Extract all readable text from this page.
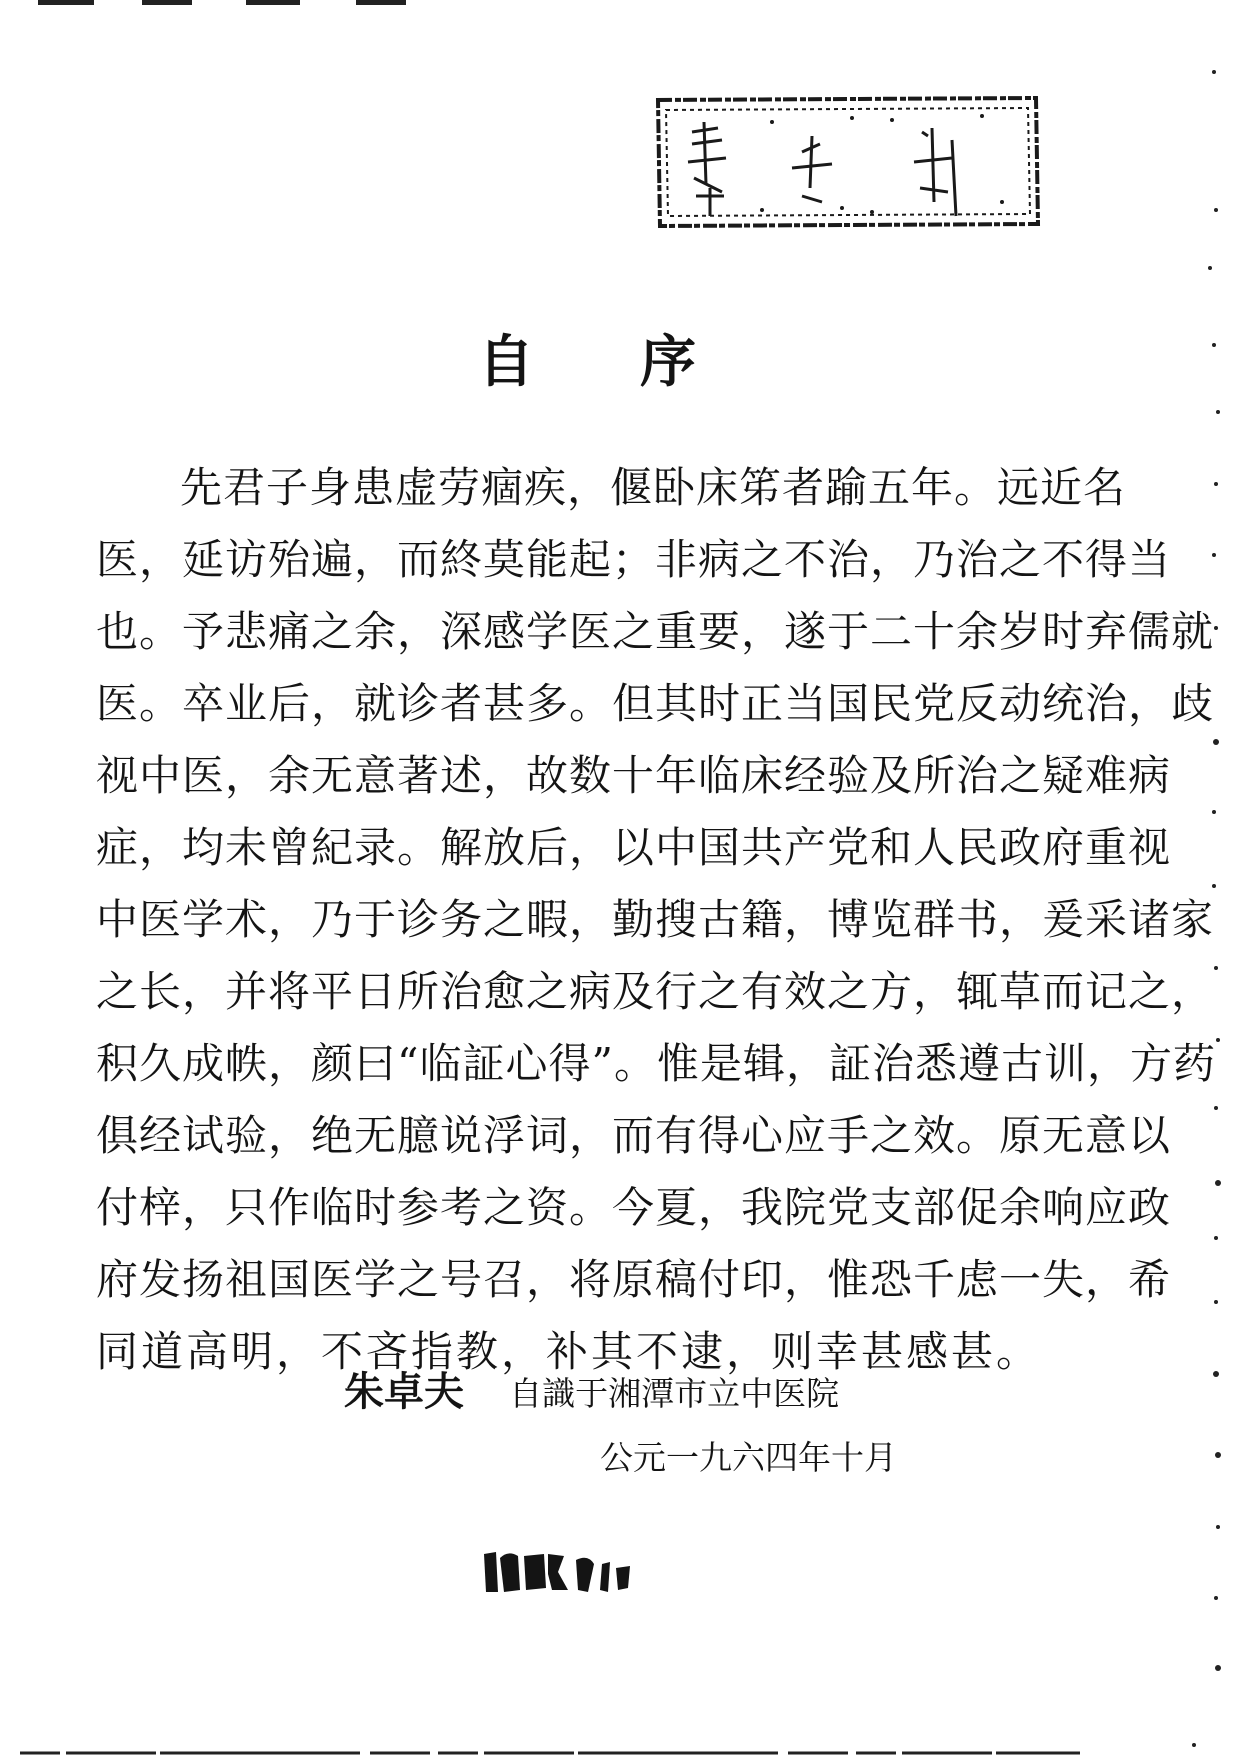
自 序
先君子身患虚劳痼疾，偃卧床笫者踰五年。远近名
医，延访殆遍，而終莫能起；非病之不治，乃治之不得当
也。予悲痛之余，深感学医之重要，遂于二十余岁时弃儒就
医。卒业后，就诊者甚多。但其时正当国民党反动统治，歧
视中医，余无意著述，故数十年临床经验及所治之疑难病
症，均未曾紀录。解放后，以中国共产党和人民政府重视
中医学术，乃于诊务之暇，勤搜古籍，博览群书，爰采诸家
之长，并将平日所治愈之病及行之有效之方，辄草而记之，
积久成帙，颜曰“临証心得”。惟是辑，証治悉遵古训，方药
俱经试验，绝无臆说浮词，而有得心应手之效。原无意以
付梓，只作临时参考之资。今夏，我院党支部促余响应政
府发扬祖国医学之号召，将原稿付印，惟恐千虑一失，希
同道高明，不吝指教，补其不逮，则幸甚感甚。
朱卓夫 自識于湘潭市立中医院
公元一九六四年十月
